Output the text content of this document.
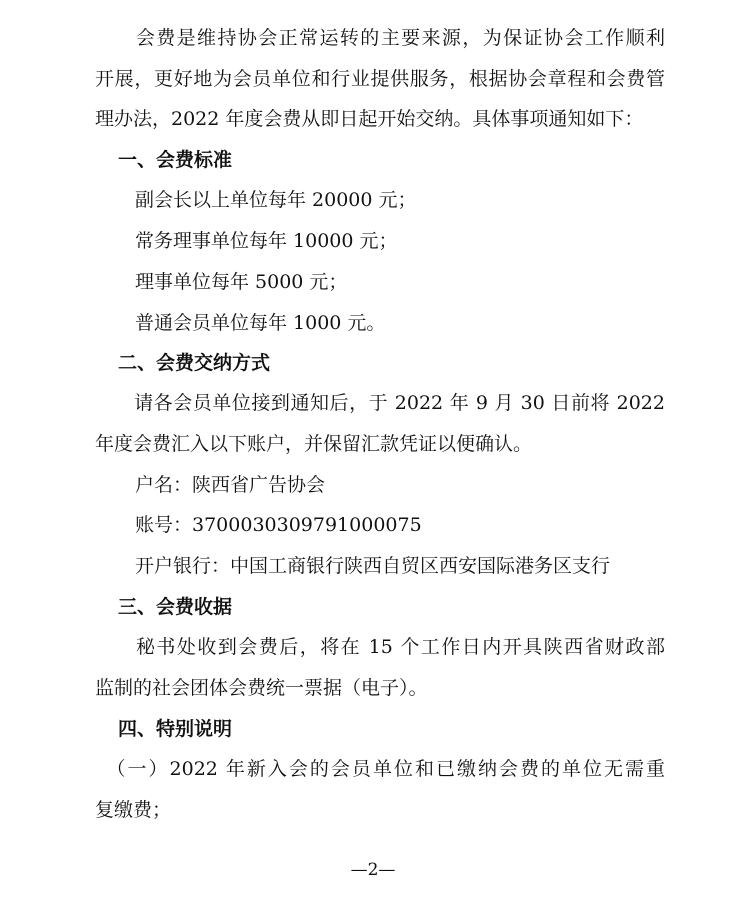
　　会费是维持协会正常运转的主要来源，为保证协会工作顺利
开展，更好地为会员单位和行业提供服务，根据协会章程和会费管
理办法，2022 年度会费从即日起开始交纳。具体事项通知如下：
一、会费标准
副会长以上单位每年 20000 元；
常务理事单位每年 10000 元；
理事单位每年 5000 元；
普通会员单位每年 1000 元。
二、会费交纳方式
　　请各会员单位接到通知后，于 2022 年 9 月 30 日前将 2022
年度会费汇入以下账户，并保留汇款凭证以便确认。
户名：陕西省广告协会
账号：3700030309791000075
开户银行：中国工商银行陕西自贸区西安国际港务区支行
三、会费收据
　　秘书处收到会费后，将在 15 个工作日内开具陕西省财政部
监制的社会团体会费统一票据（电子）。
四、特别说明
　（一）2022 年新入会的会员单位和已缴纳会费的单位无需重
复缴费；
—2—
